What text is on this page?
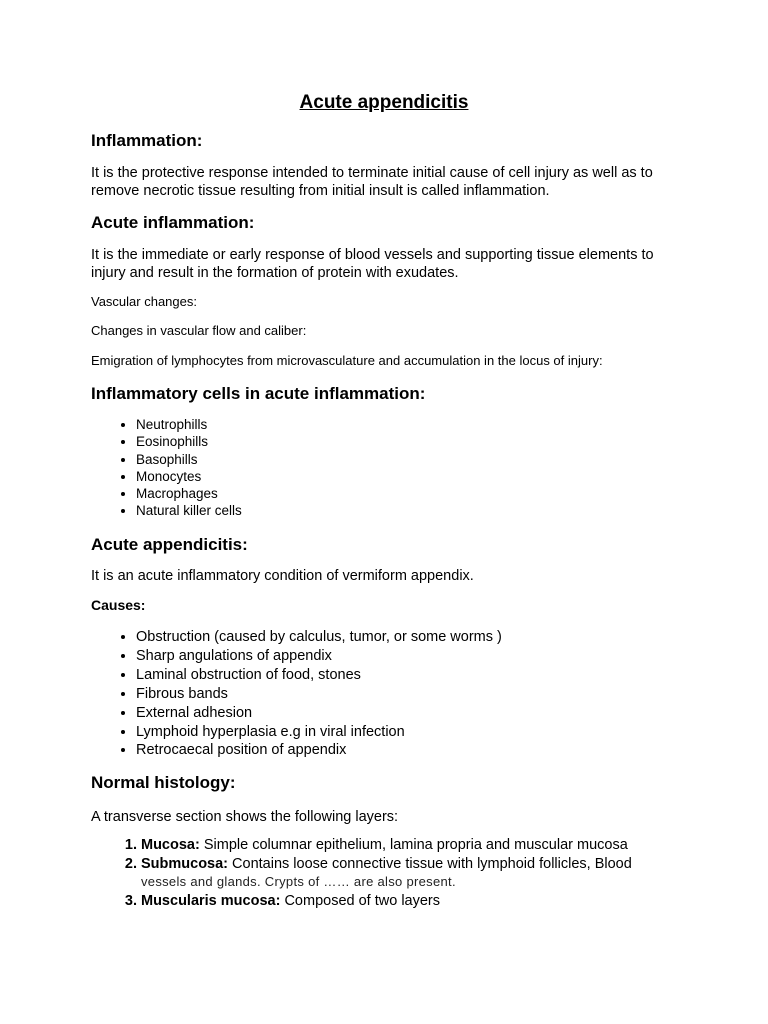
Acute appendicitis
Inflammation:
It is the protective response intended to terminate initial cause of cell injury as well as to remove necrotic tissue resulting from initial insult is called inflammation.
Acute inflammation:
It is the immediate or early response of blood vessels and supporting tissue elements to injury and result in the formation of protein with exudates.
Vascular changes:
Changes in vascular flow and caliber:
Emigration of lymphocytes from microvasculature and accumulation in the locus of injury:
Inflammatory cells in acute inflammation:
• Neutrophills
• Eosinophills
• Basophills
• Monocytes
• Macrophages
• Natural killer cells
Acute appendicitis:
It is an acute inflammatory condition of vermiform appendix.
Causes:
• Obstruction (caused by calculus, tumor, or some worms )
• Sharp angulations of appendix
• Laminal obstruction of food, stones
• Fibrous bands
• External adhesion
• Lymphoid hyperplasia e.g in viral infection
• Retrocaecal position of appendix
Normal histology:
A transverse section shows the following layers:
1. Mucosa: Simple columnar epithelium, lamina propria and muscular mucosa
2. Submucosa: Contains loose connective tissue with lymphoid follicles, Blood
vessels and glands. Crypts of …… are also present.
3. Muscularis mucosa: Composed of two layers
